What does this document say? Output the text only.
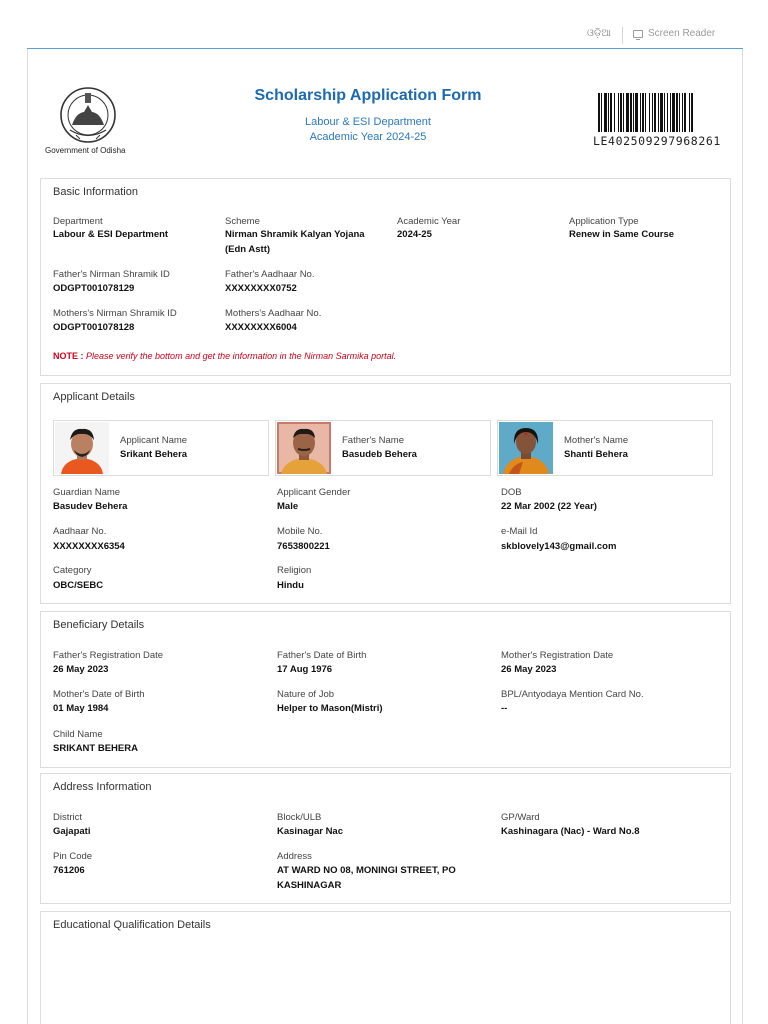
ଓଡ଼ିଆ	Screen Reader
Government of Odisha
Scholarship Application Form
Labour & ESI Department
Academic Year 2024-25	LE402509297968261
Basic Information
Department
Labour & ESI Department
Scheme
Nirman Shramik Kalyan Yojana (Edn Astt)
Academic Year
2024-25
Application Type
Renew in Same Course
Father's Nirman Shramik ID
ODGPT001078129
Father's Aadhaar No.
XXXXXXXX0752
Mothers's Nirman Shramik ID
ODGPT001078128
Mothers's Aadhaar No.
XXXXXXXX6004
NOTE : Please verify the bottom and get the information in the Nirman Sarmika portal.
Applicant Details
Applicant Name
Srikant Behera
Father's Name
Basudeb Behera
Mother's Name
Shanti Behera
Guardian Name
Basudev Behera
Applicant Gender
Male
DOB
22 Mar 2002 (22 Year)
Aadhaar No.
XXXXXXXX6354
Mobile No.
7653800221
e-Mail Id
skblovely143@gmail.com
Category
OBC/SEBC
Religion
Hindu
Beneficiary Details
Father's Registration Date
26 May 2023
Father's Date of Birth
17 Aug 1976
Mother's Registration Date
26 May 2023
Mother's Date of Birth
01 May 1984
Nature of Job
Helper to Mason(Mistri)
BPL/Antyodaya Mention Card No.
--
Child Name
SRIKANT BEHERA
Address Information
District
Gajapati
Block/ULB
Kasinagar Nac
GP/Ward
Kashinagara (Nac) - Ward No.8
Pin Code
761206
Address
AT WARD NO 08, MONINGI STREET, PO KASHINAGAR
Educational Qualification Details
